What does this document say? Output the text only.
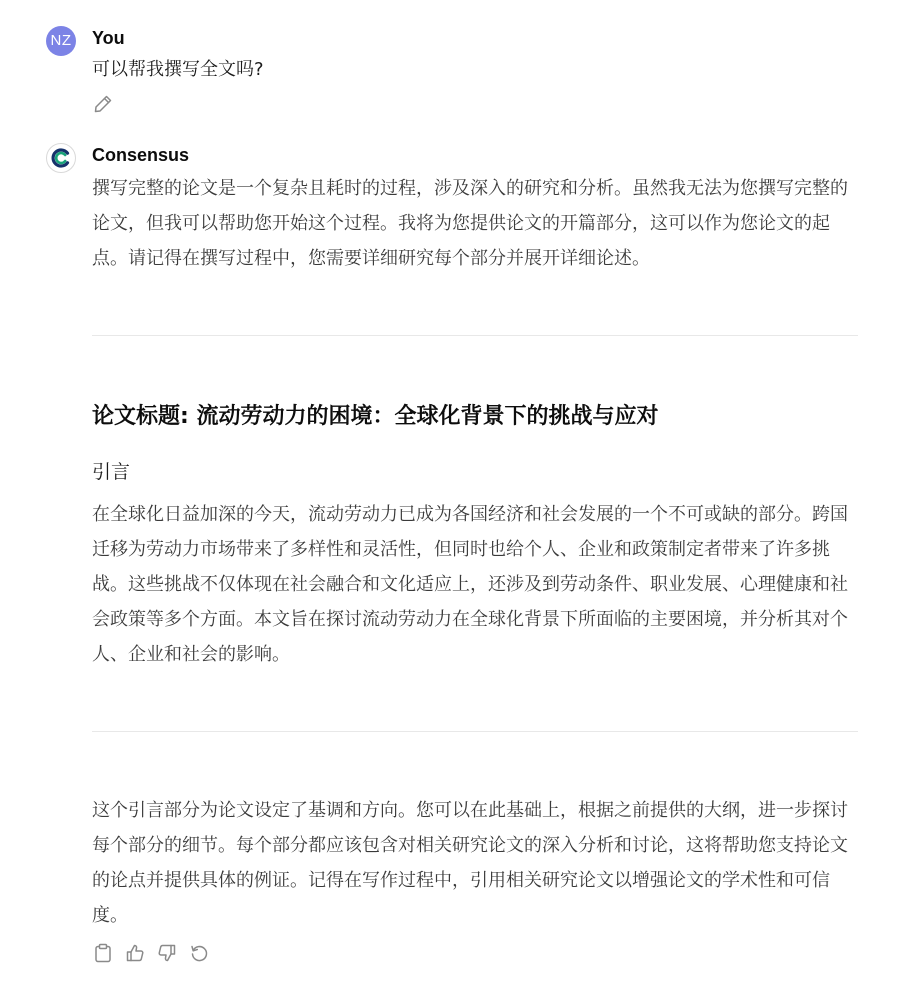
NZ You
可以帮我撰写全文吗?
Consensus

撰写完整的论文是一个复杂且耗时的过程，涉及深入的研究和分析。虽然我无法为您撰写完整的论文，但我可以帮助您开始这个过程。我将为您提供论文的开篇部分，这可以作为您论文的起点。请记得在撰写过程中，您需要详细研究每个部分并展开详细论述。

论文标题: 流动劳动力的困境：全球化背景下的挑战与应对
引言

在全球化日益加深的今天，流动劳动力已成为各国经济和社会发展的一个不可或缺的部分。跨国迁移为劳动力市场带来了多样性和灵活性，但同时也给个人、企业和政策制定者带来了许多挑战。这些挑战不仅体现在社会融合和文化适应上，还涉及到劳动条件、职业发展、心理健康和社会政策等多个方面。本文旨在探讨流动劳动力在全球化背景下所面临的主要困境，并分析其对个人、企业和社会的影响。

这个引言部分为论文设定了基调和方向。您可以在此基础上，根据之前提供的大纲，进一步探讨每个部分的细节。每个部分都应该包含对相关研究论文的深入分析和讨论，这将帮助您支持论文的论点并提供具体的例证。记得在写作过程中，引用相关研究论文以增强论文的学术性和可信度。
